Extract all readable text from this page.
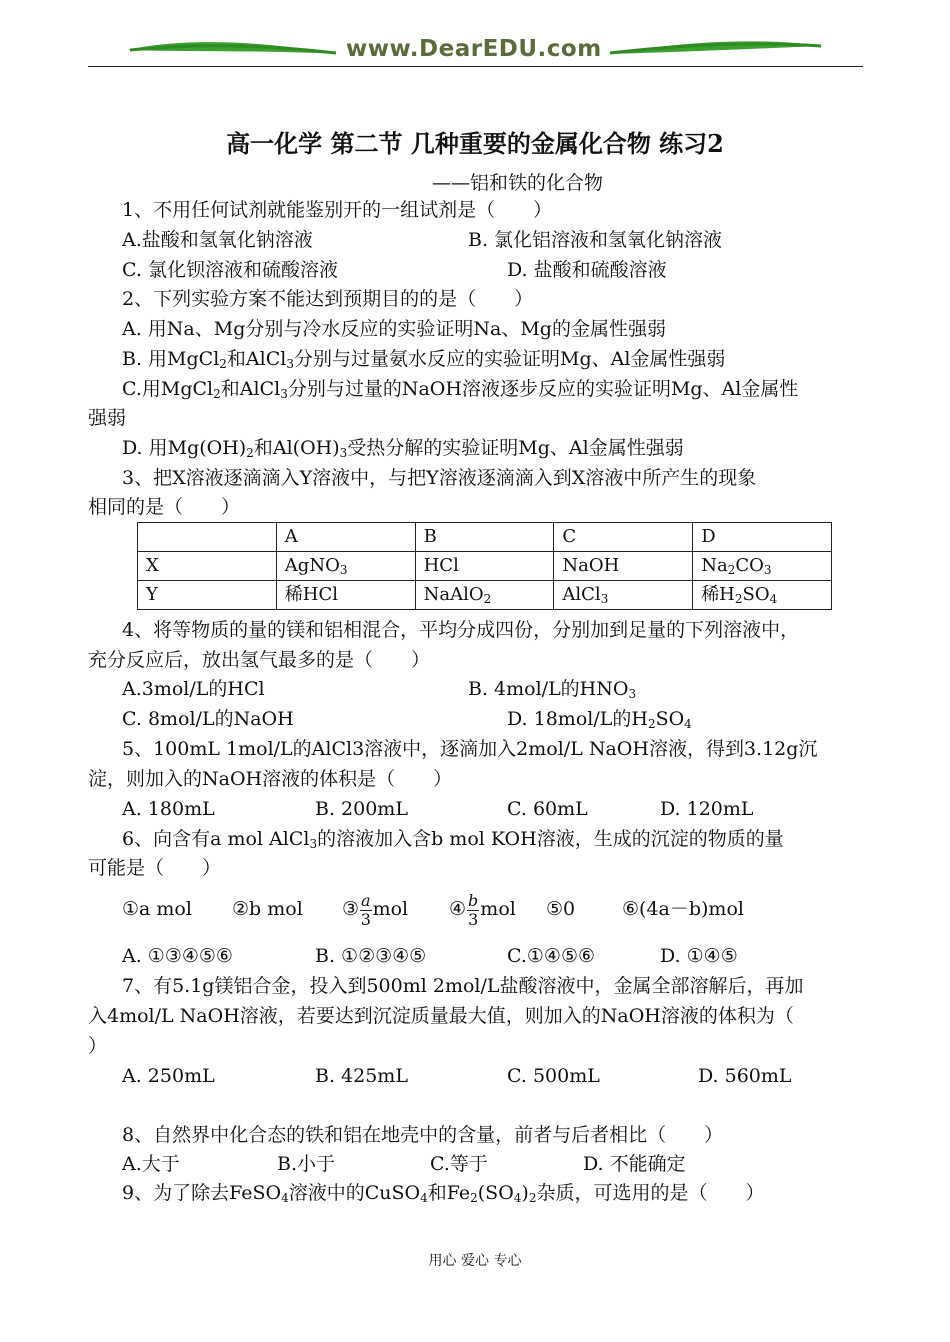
www.DearEDU.com
高一化学 第二节 几种重要的金属化合物 练习2
——铝和铁的化合物
1、不用任何试剂就能鉴别开的一组试剂是（　　）
A.盐酸和氢氧化钠溶液	B. 氯化铝溶液和氢氧化钠溶液
C. 氯化钡溶液和硫酸溶液	D. 盐酸和硫酸溶液
2、下列实验方案不能达到预期目的的是（　　）
A. 用Na、Mg分别与冷水反应的实验证明Na、Mg的金属性强弱
B. 用MgCl$_2$和AlCl$_3$分别与过量氨水反应的实验证明Mg、Al金属性强弱
C.用MgCl$_2$和AlCl$_3$分别与过量的NaOH溶液逐步反应的实验证明Mg、Al金属性
强弱
D. 用$Mg(OH)_2$和$Al(OH)_3$受热分解的实验证明Mg、Al金属性强弱
3、把X溶液逐滴滴入Y溶液中，与把Y溶液逐滴滴入到X溶液中所产生的现象
相同的是（　　）
	A	B	C	D
X	AgNO$_3$	HCl	NaOH	$Na_2CO_3$
Y	稀HCl	NaAlO$_2$	AlCl$_3$	稀$H_2SO_4$
4、将等物质的量的镁和铝相混合，平均分成四份，分别加到足量的下列溶液中，
充分反应后，放出氢气最多的是（　　）
A.3mol/L的HCl	B. 4mol/L的$HNO_3$
C. 8mol/L的NaOH	D. 18mol/L的$H_2SO_4$
5、100mL 1mol/L的AlCl3溶液中，逐滴加入2mol/L NaOH溶液，得到3.12g沉
淀，则加入的NaOH溶液的体积是（　　）
A. 180mL	B. 200mL	C. 60mL	D. 120mL
6、向含有a mol AlCl$_3$的溶液加入含b mol KOH溶液，生成的沉淀的物质的量
可能是（　　）
①a mol ②b mol ③ $\frac{a}{3}$ mol ④ $\frac{b}{3}$ mol ⑤0 ⑥(4a－b)mol
A. ①③④⑤⑥	B. ①②③④⑤	C.①④⑤⑥	D. ①④⑤
7、有5.1g镁铝合金，投入到500ml 2mol/L盐酸溶液中，金属全部溶解后，再加
入4mol/L NaOH溶液，若要达到沉淀质量最大值，则加入的NaOH溶液的体积为（
）
A. 250mL	B. 425mL	C. 500mL	D. 560mL
8、自然界中化合态的铁和铝在地壳中的含量，前者与后者相比（　　）
A.大于	B.小于	C.等于	D. 不能确定
9、为了除去FeSO$_4$溶液中的CuSO$_4$和$Fe_2(SO_4)_2$杂质，可选用的是（　　）
用心 爱心 专心
